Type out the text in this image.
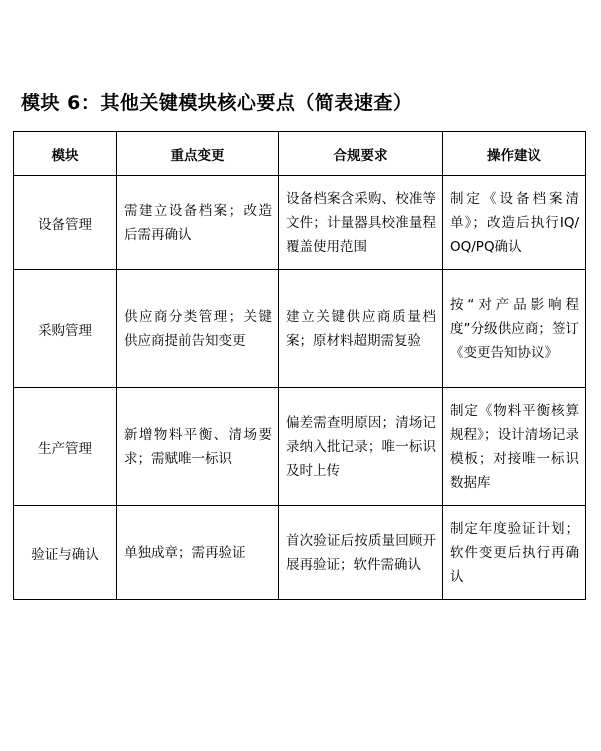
模块 6：其他关键模块核心要点（简表速查）
模块	重点变更	合规要求	操作建议
设备管理	需建立设备档案；改造后需再确认	设备档案含采购、校准等文件；计量器具校准量程覆盖使用范围	制定《设备档案清单》；改造后执行IQ/OQ/PQ确认
采购管理	供应商分类管理；关键供应商提前告知变更	建立关键供应商质量档案；原材料超期需复验	按“对产品影响程度”分级供应商；签订《变更告知协议》
生产管理	新增物料平衡、清场要求；需赋唯一标识	偏差需查明原因；清场记录纳入批记录；唯一标识及时上传	制定《物料平衡核算规程》；设计清场记录模板；对接唯一标识数据库
验证与确认	单独成章；需再验证	首次验证后按质量回顾开展再验证；软件需确认	制定年度验证计划；软件变更后执行再确认
